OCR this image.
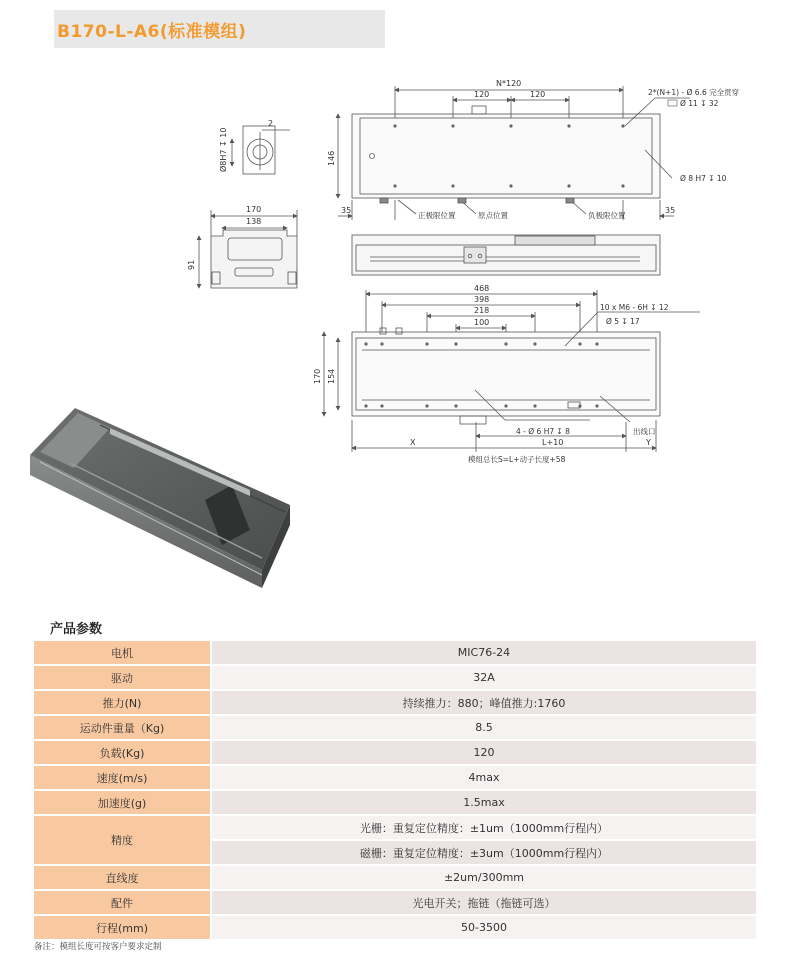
B170-L-A6(标准模组)
Ø8H7 ↧ 10
2
170
138
91
N*120
120	120
146
35	35
2*(N+1) - Ø 6.6 完全贯穿
Ø 11 ↧ 32
Ø 8 H7 ↧ 10
正极限位置	原点位置	负极限位置
468
398
218
100
10 x M6 - 6H ↧ 12
Ø 5 ↧ 17
170 154
4 - Ø 6 H7 ↧ 8	出线口
X	L+10	Y
模组总长S=L+动子长度+58
产品参数
电机		MIC76-24
驱动		32A
推力(N)		持续推力：880；峰值推力:1760
运动件重量（Kg)		8.5
负载(Kg)		120
速度(m/s)		4max
加速度(g)		1.5max
精度		光栅：重复定位精度：±1um（1000mm行程内）
		磁栅：重复定位精度：±3um（1000mm行程内）
直线度		±2um/300mm
配件		光电开关；拖链（拖链可选）
行程(mm)		50-3500
备注：模组长度可按客户要求定制
